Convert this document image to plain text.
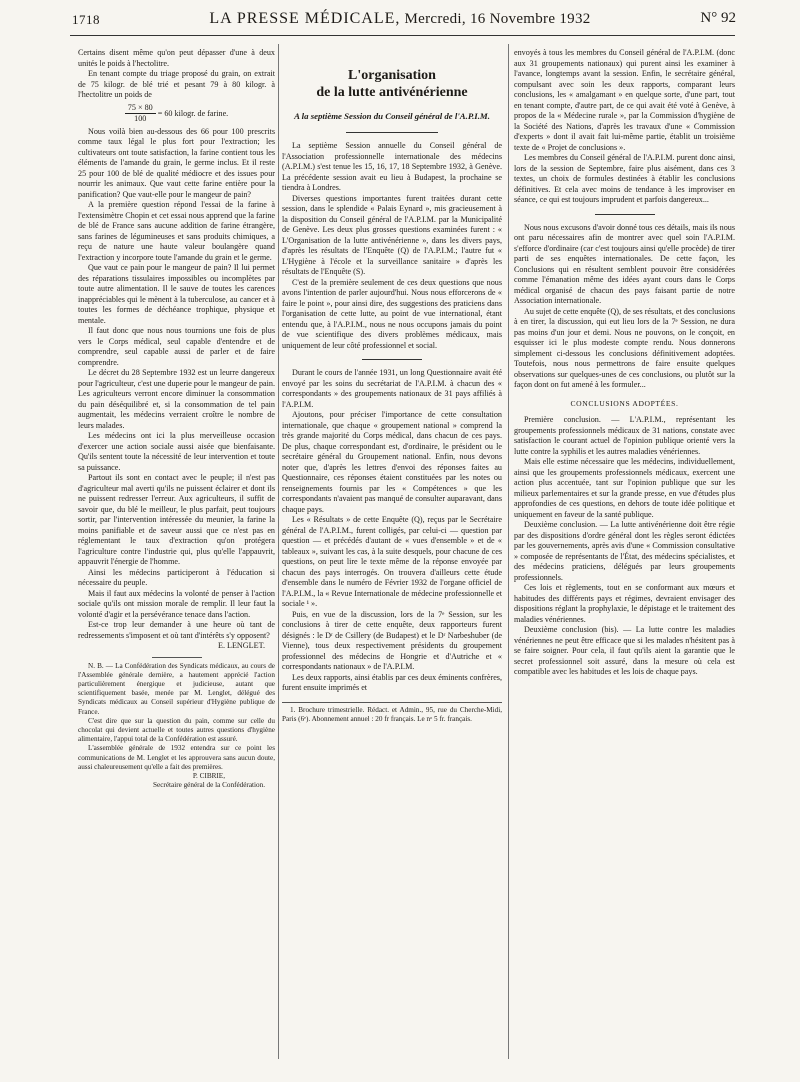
1718	LA PRESSE MÉDICALE, Mercredi, 16 Novembre 1932	N° 92

Certains disent même qu'on peut dépasser d'une à deux unités le poids à l'hectolitre.

En tenant compte du triage proposé du grain, on extrait de 75 kilogr. de blé trié et pesant 79 à 80 kilogr. à l'hectolitre un poids de

$\frac{75 \times 80}{100} = 60$ kilogr. de farine.

Nous voilà bien au-dessous des 66 pour 100 prescrits comme taux légal le plus fort pour l'extraction; les cultivateurs ont toute satisfaction, la farine contient tous les éléments de l'amande du grain, le germe inclus. Et il reste 25 pour 100 de blé de qualité médiocre et des issues pour nourrir les animaux. Que vaut cette farine entière pour la panification? Que vaut-elle pour le mangeur de pain?

A la première question répond l'essai de la farine à l'extensimètre Chopin et cet essai nous apprend que la farine de blé de France sans aucune addition de farine étrangère, sans farines de légumineuses et sans produits chimiques, a reçu de nature une haute valeur boulangère quand l'extraction y incorpore toute l'amande du grain et le germe.

Que vaut ce pain pour le mangeur de pain? Il lui permet des réparations tissulaires impossibles ou incomplètes par toute autre alimentation. Il le sauve de toutes les carences inappréciables qui le mènent à la tuberculose, au cancer et à toutes les formes de déchéance trophique, physique et mentale.

Il faut donc que nous nous tournions une fois de plus vers le Corps médical, seul capable d'entendre et de comprendre, seul capable aussi de parler et de faire comprendre.

Le décret du 28 Septembre 1932 est un leurre dangereux pour l'agriculteur, c'est une duperie pour le mangeur de pain. Les agriculteurs verront encore diminuer la consommation du pain déséquilibré et, si la consommation de tel pain augmentait, les médecins verraient croître le nombre de leurs malades.

Les médecins ont ici la plus merveilleuse occasion d'exercer une action sociale aussi aisée que bienfaisante. Qu'ils sentent toute la nécessité de leur intervention et toute sa puissance.

Partout ils sont en contact avec le peuple; il n'est pas d'agriculteur mal averti qu'ils ne puissent éclairer et dont ils ne puissent redresser l'erreur. Aux agriculteurs, il suffit de savoir que, du blé le meilleur, le plus parfait, peut toujours sortir, par l'intervention intéressée du meunier, la farine la moins panifiable et de saveur aussi que ce n'est pas en réglementant le taux d'extraction qu'on protégera l'agriculture contre l'industrie qui, plus qu'elle l'appauvrit, appauvrit l'énergie de l'homme.

Ainsi les médecins participeront à l'éducation si nécessaire du peuple.

Mais il faut aux médecins la volonté de penser à l'action sociale qu'ils ont mission morale de remplir. Il leur faut la volonté d'agir et la persévérance tenace dans l'action.

Est-ce trop leur demander à une heure où tant de redressements s'imposent et où tant d'intérêts s'y opposent?

E. LENGLET.

N. B. — La Confédération des Syndicats médicaux, au cours de l'Assemblée générale dernière, a hautement apprécié l'action particulièrement énergique et judicieuse, autant que scientifiquement basée, menée par M. Lenglet, délégué des Syndicats médicaux au Conseil supérieur d'Hygiène publique de France.

C'est dire que sur la question du pain, comme sur celle du chocolat qui devient actuelle et toutes autres questions d'hygiène alimentaire, l'appui total de la Confédération est assuré.

L'assemblée générale de 1932 entendra sur ce point les communications de M. Lenglet et les approuvera sans aucun doute, aussi chaleureusement qu'elle a fait des premières.

P. CIBRIE,

Secrétaire général de la Confédération.

L'organisation
de la lutte antivénérienne
A la septième Session du Conseil général de l'A.P.I.M.

La septième Session annuelle du Conseil général de l'Association professionnelle internationale des médecins (A.P.I.M.) s'est tenue les 15, 16, 17, 18 Septembre 1932, à Genève. La précédente session avait eu lieu à Budapest, la prochaine se tiendra à Londres.

Diverses questions importantes furent traitées durant cette session, dans le splendide « Palais Eynard », mis gracieusement à la disposition du Conseil général de l'A.P.I.M. par la Municipalité de Genève. Les deux plus grosses questions examinées furent : « L'Organisation de la lutte antivénérienne », dans les divers pays, d'après les résultats de l'Enquête (Q) de l'A.P.I.M.; l'autre fut « L'Hygiène à l'école et la surveillance sanitaire » d'après les résultats de l'Enquête (S).

C'est de la première seulement de ces deux questions que nous avons l'intention de parler aujourd'hui. Nous nous efforcerons de « faire le point », pour ainsi dire, des suggestions des praticiens dans l'organisation de cette lutte, au point de vue international, étant entendu que, à l'A.P.I.M., nous ne nous occupons jamais du point de vue scientifique des divers problèmes médicaux, mais uniquement de leur côté professionnel et social.

Durant le cours de l'année 1931, un long Questionnaire avait été envoyé par les soins du secrétariat de l'A.P.I.M. à chacun des « correspondants » des groupements nationaux de 31 pays affiliés à l'A.P.I.M.

Ajoutons, pour préciser l'importance de cette consultation internationale, que chaque « groupement national » comprend la très grande majorité du Corps médical, dans chacun de ces pays. De plus, chaque correspondant est, d'ordinaire, le président ou le secrétaire général du Groupement national. Enfin, nous devons noter que, d'après les lettres d'envoi des réponses faites au Questionnaire, ces réponses étaient constituées par les notes ou renseignements fournis par les « Compétences » que les correspondants n'avaient pas manqué de consulter auparavant, dans chaque pays.

Les « Résultats » de cette Enquête (Q), reçus par le Secrétaire général de l'A.P.I.M., furent colligés, par celui-ci — question par question — et précédés d'autant de « vues d'ensemble » et de « tableaux », suivant les cas, à la suite desquels, pour chacune de ces questions, on peut lire le texte même de la réponse envoyée par chacun des pays interrogés. On trouvera d'ailleurs cette étude d'ensemble dans le numéro de Février 1932 de l'organe officiel de l'A.P.I.M., la « Revue Internationale de médecine professionnelle et sociale ¹ ».

Puis, en vue de la discussion, lors de la 7ᵉ Session, sur les conclusions à tirer de cette enquête, deux rapporteurs furent désignés : le Dʳ de Csillery (de Budapest) et le Dʳ Narbeshuber (de Vienne), tous deux respectivement présidents du groupement professionnel des médecins de Hongrie et d'Autriche et « correspondants nationaux » de l'A.P.I.M.

Les deux rapports, ainsi établis par ces deux éminents confrères, furent ensuite imprimés et

1. Brochure trimestrielle. Rédact. et Admin., 95, rue du Cherche-Midi, Paris (6ᵉ). Abonnement annuel : 20 fr français. Le nᵒ 5 fr. français.

envoyés à tous les membres du Conseil général de l'A.P.I.M. (donc aux 31 groupements nationaux) qui purent ainsi les examiner à l'avance, longtemps avant la session. Enfin, le secrétaire général, compulsant avec soin les deux rapports, comparant leurs conclusions, les « amalgamant » en quelque sorte, d'une part, tout en tenant compte, d'autre part, de ce qui avait été voté à Genève, à propos de la « Médecine rurale », par la Commission d'hygiène de la Société des Nations, d'après les travaux d'une « Commission d'experts » dont il avait fait lui-même partie, établit un troisième texte de « Projet de conclusions ».

Les membres du Conseil général de l'A.P.I.M. purent donc ainsi, lors de la session de Septembre, faire plus aisément, dans ces 3 textes, un choix de formules destinées à établir les conclusions définitives. Et cela avec moins de tendance à les improviser en séance, ce qui est toujours imprudent et parfois dangereux...

Nous nous excusons d'avoir donné tous ces détails, mais ils nous ont paru nécessaires afin de montrer avec quel soin l'A.P.I.M. s'efforce d'ordinaire (car c'est toujours ainsi qu'elle procède) de tirer parti de ses enquêtes internationales. De cette façon, les Conclusions qui en résultent semblent pouvoir être considérées comme l'émanation même des idées ayant cours dans le Corps médical organisé de chacun des pays faisant partie de notre Association internationale.

Au sujet de cette enquête (Q), de ses résultats, et des conclusions à en tirer, la discussion, qui eut lieu lors de la 7ᵉ Session, ne dura pas moins d'un jour et demi. Nous ne pouvons, on le conçoit, en esquisser ici le plus modeste compte rendu. Nous donnerons simplement ci-dessous les conclusions définitivement adoptées. Toutefois, nous nous permettrons de faire ensuite quelques observations sur quelques-unes de ces conclusions, ou plutôt sur la façon dont on fut amené à les formuler...

CONCLUSIONS ADOPTÉES.

Première conclusion. — L'A.P.I.M., représentant les groupements professionnels médicaux de 31 nations, constate avec satisfaction le courant actuel de l'opinion publique orienté vers la lutte contre la syphilis et les autres maladies vénériennes.

Mais elle estime nécessaire que les médecins, individuellement, ainsi que les groupements professionnels médicaux, exercent une action plus accentuée, tant sur l'opinion publique que sur les milieux parlementaires et sur la grande presse, en vue d'études plus approfondies de ces questions, en dehors de toute idée politique et uniquement en faveur de la santé publique.

Deuxième conclusion. — La lutte antivénérienne doit être régie par des dispositions d'ordre général dont les règles seront édictées par les gouvernements, après avis d'une « Commission consultative » composée de représentants de l'État, des médecins spécialistes, et des médecins praticiens, délégués par leurs groupements professionnels.

Ces lois et règlements, tout en se conformant aux mœurs et habitudes des différents pays et régimes, devraient envisager des dispositions réglant la prophylaxie, le dépistage et le traitement des maladies vénériennes.

Deuxième conclusion (bis). — La lutte contre les maladies vénériennes ne peut être efficace que si les malades n'hésitent pas à se faire soigner. Pour cela, il faut qu'ils aient la garantie que le secret professionnel soit assuré, dans la mesure où cela est compatible avec les habitudes et les lois de chaque pays.
